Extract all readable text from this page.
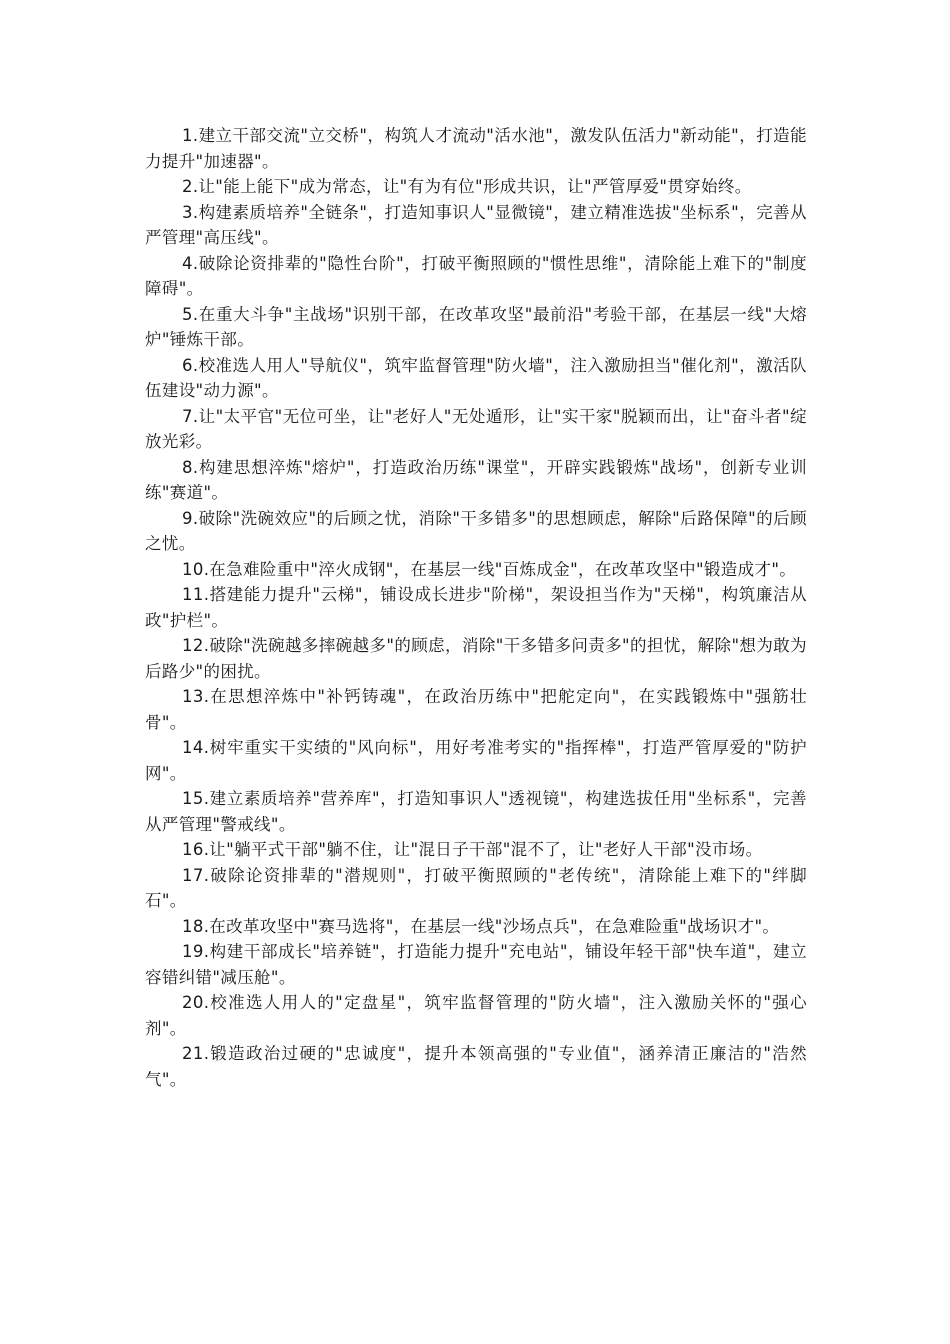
1.建立干部交流"立交桥"，构筑人才流动"活水池"，激发队伍活力"新动能"，打造能力提升"加速器"。

2.让"能上能下"成为常态，让"有为有位"形成共识，让"严管厚爱"贯穿始终。

3.构建素质培养"全链条"，打造知事识人"显微镜"，建立精准选拔"坐标系"，完善从严管理"高压线"。

4.破除论资排辈的"隐性台阶"，打破平衡照顾的"惯性思维"，清除能上难下的"制度障碍"。

5.在重大斗争"主战场"识别干部，在改革攻坚"最前沿"考验干部，在基层一线"大熔炉"锤炼干部。

6.校准选人用人"导航仪"，筑牢监督管理"防火墙"，注入激励担当"催化剂"，激活队伍建设"动力源"。

7.让"太平官"无位可坐，让"老好人"无处遁形，让"实干家"脱颖而出，让"奋斗者"绽放光彩。

8.构建思想淬炼"熔炉"，打造政治历练"课堂"，开辟实践锻炼"战场"，创新专业训练"赛道"。

9.破除"洗碗效应"的后顾之忧，消除"干多错多"的思想顾虑，解除"后路保障"的后顾之忧。

10.在急难险重中"淬火成钢"，在基层一线"百炼成金"，在改革攻坚中"锻造成才"。

11.搭建能力提升"云梯"，铺设成长进步"阶梯"，架设担当作为"天梯"，构筑廉洁从政"护栏"。

12.破除"洗碗越多摔碗越多"的顾虑，消除"干多错多问责多"的担忧，解除"想为敢为后路少"的困扰。

13.在思想淬炼中"补钙铸魂"，在政治历练中"把舵定向"，在实践锻炼中"强筋壮骨"。

14.树牢重实干实绩的"风向标"，用好考准考实的"指挥棒"，打造严管厚爱的"防护网"。

15.建立素质培养"营养库"，打造知事识人"透视镜"，构建选拔任用"坐标系"，完善从严管理"警戒线"。

16.让"躺平式干部"躺不住，让"混日子干部"混不了，让"老好人干部"没市场。

17.破除论资排辈的"潜规则"，打破平衡照顾的"老传统"，清除能上难下的"绊脚石"。

18.在改革攻坚中"赛马选将"，在基层一线"沙场点兵"，在急难险重"战场识才"。

19.构建干部成长"培养链"，打造能力提升"充电站"，铺设年轻干部"快车道"，建立容错纠错"减压舱"。

20.校准选人用人的"定盘星"，筑牢监督管理的"防火墙"，注入激励关怀的"强心剂"。

21.锻造政治过硬的"忠诚度"，提升本领高强的"专业值"，涵养清正廉洁的"浩然气"。
